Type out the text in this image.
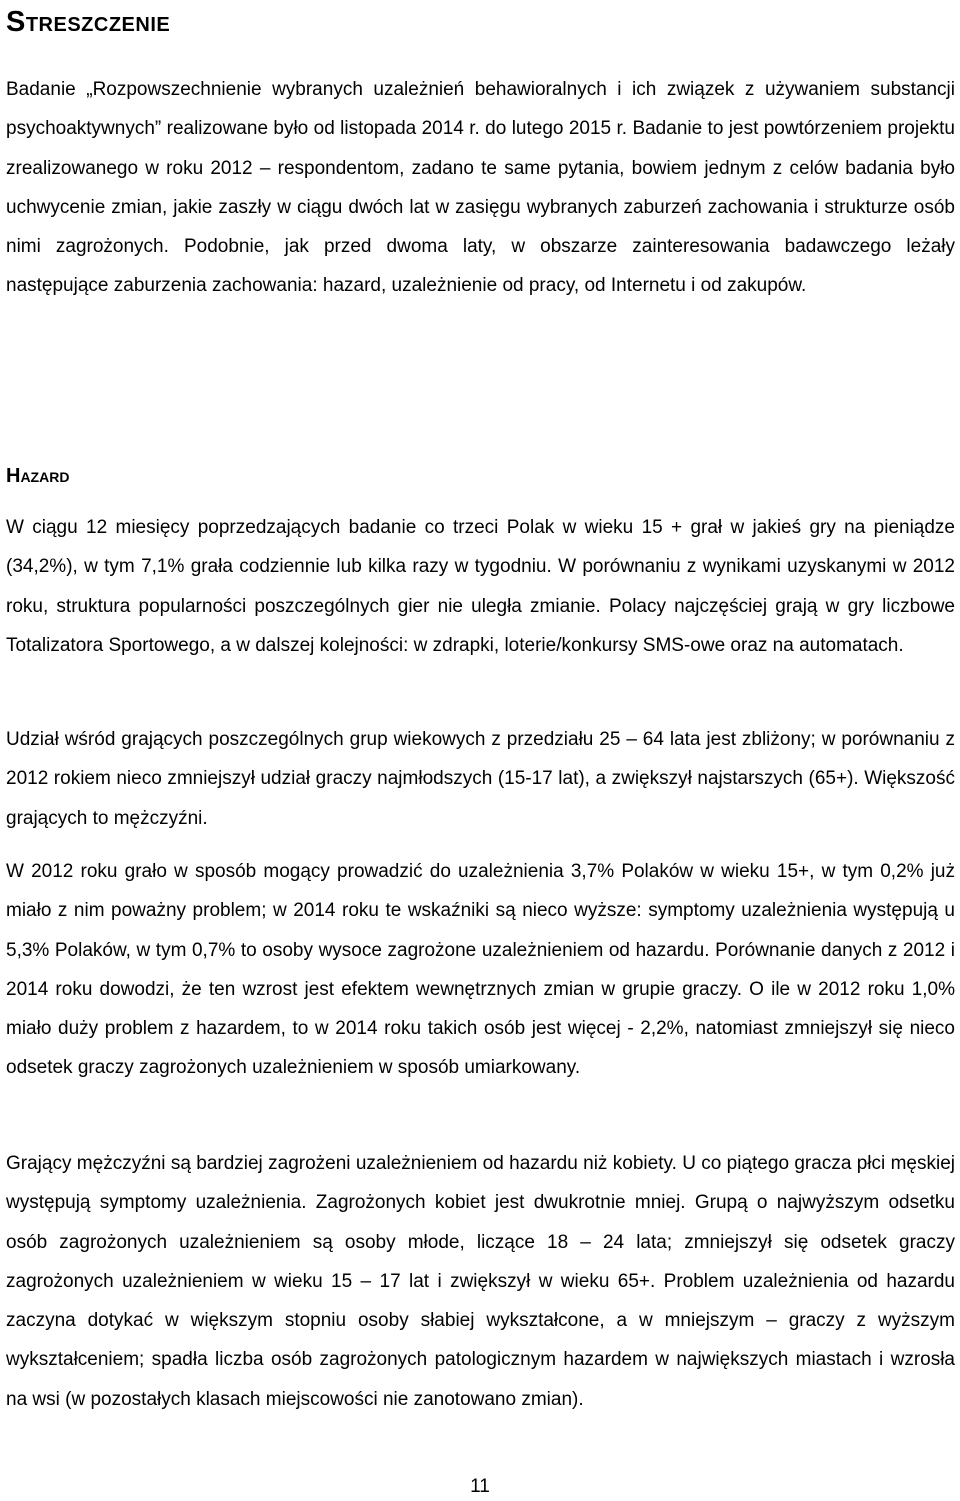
Streszczenie

Badanie „Rozpowszechnienie wybranych uzależnień behawioralnych i ich związek z używaniem substancji psychoaktywnych” realizowane było od listopada 2014 r. do lutego 2015 r. Badanie to jest powtórzeniem projektu zrealizowanego w roku 2012 – respondentom, zadano te same pytania, bowiem jednym z celów badania było uchwycenie zmian, jakie zaszły w ciągu dwóch lat w zasięgu wybranych zaburzeń zachowania i strukturze osób nimi zagrożonych. Podobnie, jak przed dwoma laty, w obszarze zainteresowania badawczego leżały następujące zaburzenia zachowania: hazard, uzależnienie od pracy, od Internetu i od zakupów.

Hazard

W ciągu 12 miesięcy poprzedzających badanie co trzeci Polak w wieku 15 + grał w jakieś gry na pieniądze (34,2%), w tym 7,1% grała codziennie lub kilka razy w tygodniu. W porównaniu z wynikami uzyskanymi w 2012 roku, struktura popularności poszczególnych gier nie uległa zmianie. Polacy najczęściej grają w gry liczbowe Totalizatora Sportowego, a w dalszej kolejności: w zdrapki, loterie/konkursy SMS-owe oraz na automatach.

Udział wśród grających poszczególnych grup wiekowych z przedziału 25 – 64 lata jest zbliżony; w porównaniu z 2012 rokiem nieco zmniejszył udział graczy najmłodszych (15-17 lat), a zwiększył najstarszych (65+). Większość grających to mężczyźni.

W 2012 roku grało w sposób mogący prowadzić do uzależnienia 3,7% Polaków w wieku 15+, w tym 0,2% już miało z nim poważny problem; w 2014 roku te wskaźniki są nieco wyższe: symptomy uzależnienia występują u 5,3% Polaków, w tym 0,7% to osoby wysoce zagrożone uzależnieniem od hazardu. Porównanie danych z 2012 i 2014 roku dowodzi, że ten wzrost jest efektem wewnętrznych zmian w grupie graczy. O ile w 2012 roku 1,0% miało duży problem z hazardem, to w 2014 roku takich osób jest więcej - 2,2%, natomiast zmniejszył się nieco odsetek graczy zagrożonych uzależnieniem w sposób umiarkowany.

Grający mężczyźni są bardziej zagrożeni uzależnieniem od hazardu niż kobiety. U co piątego gracza płci męskiej występują symptomy uzależnienia. Zagrożonych kobiet jest dwukrotnie mniej. Grupą o najwyższym odsetku osób zagrożonych uzależnieniem są osoby młode, liczące 18 – 24 lata; zmniejszył się odsetek graczy zagrożonych uzależnieniem w wieku 15 – 17 lat i zwiększył w wieku 65+. Problem uzależnienia od hazardu zaczyna dotykać w większym stopniu osoby słabiej wykształcone, a w mniejszym – graczy z wyższym wykształceniem; spadła liczba osób zagrożonych patologicznym hazardem w największych miastach i wzrosła na wsi (w pozostałych klasach miejscowości nie zanotowano zmian).

11
